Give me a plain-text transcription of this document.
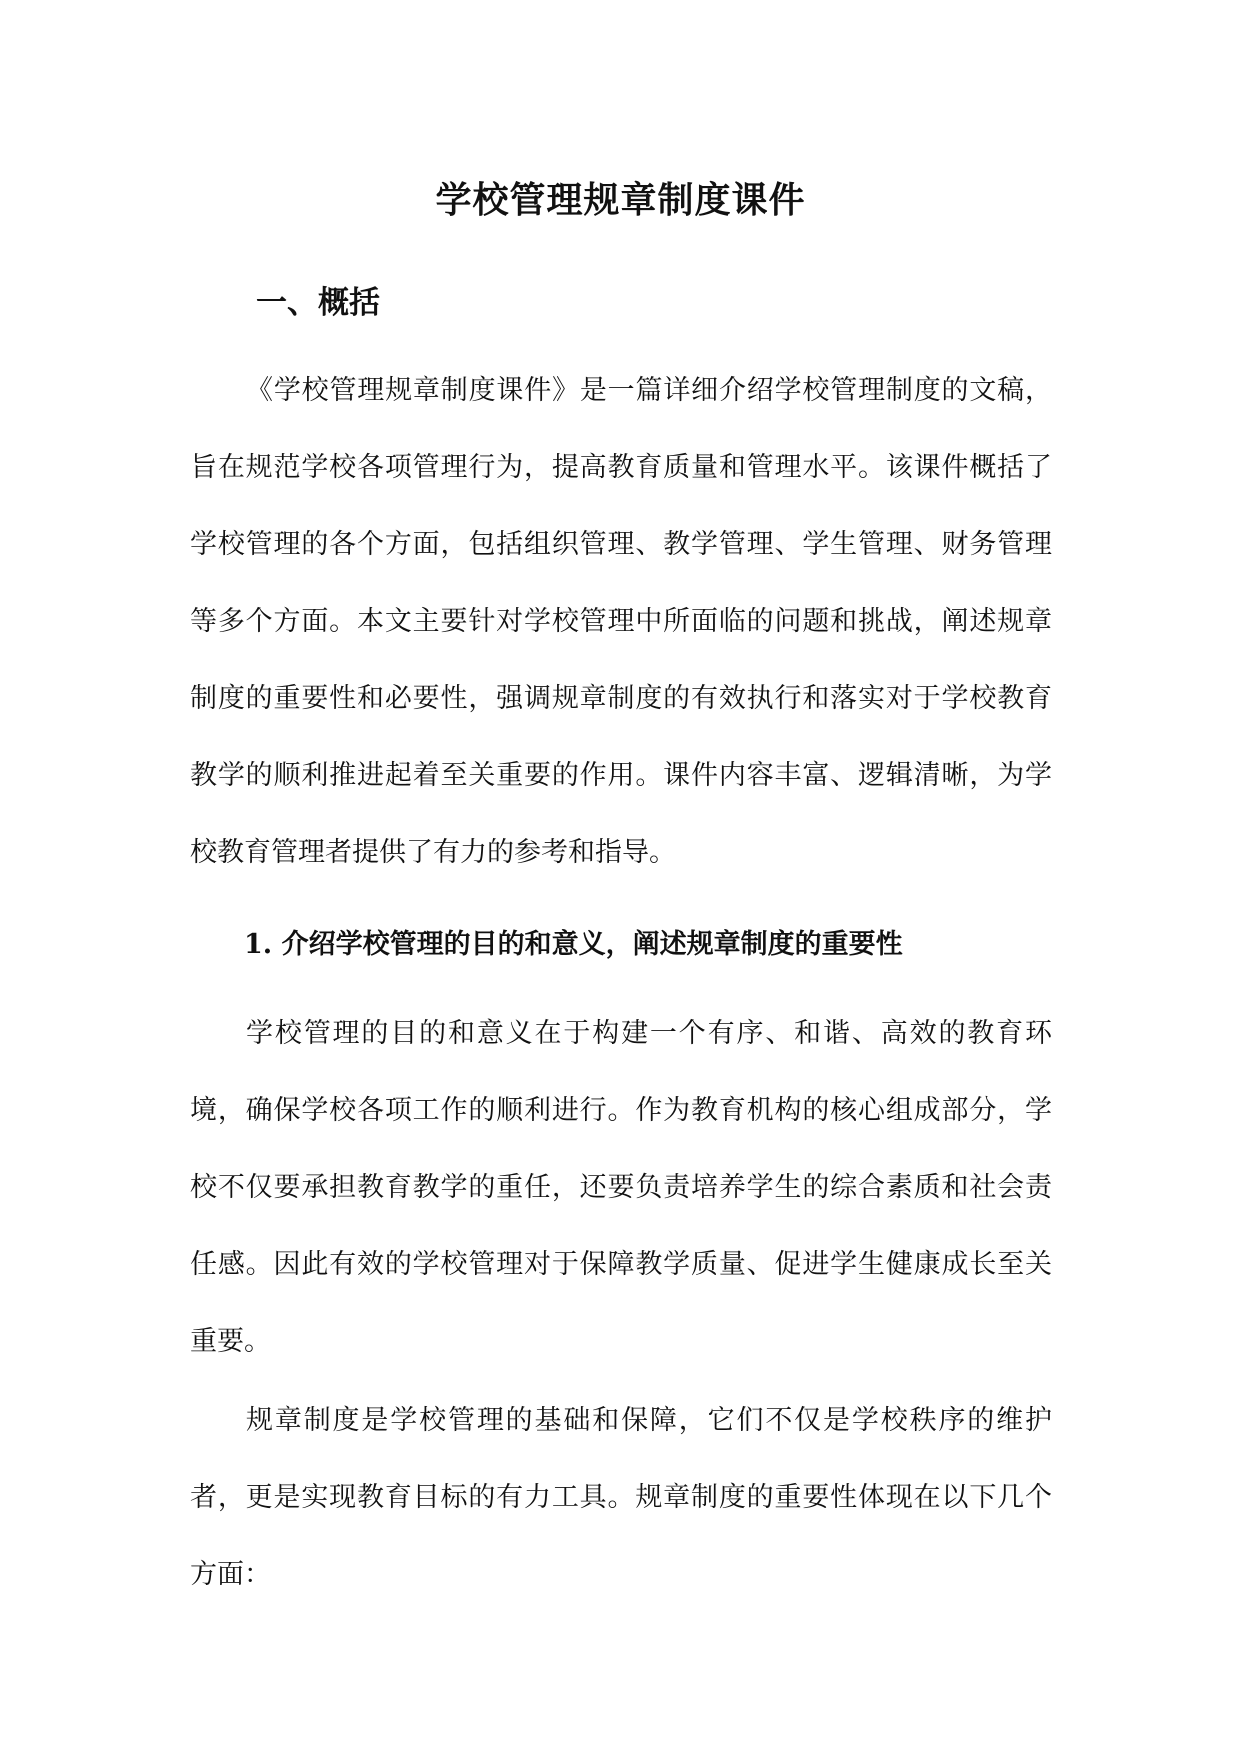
学校管理规章制度课件
一、概括

《学校管理规章制度课件》是一篇详细介绍学校管理制度的文稿，旨在规范学校各项管理行为，提高教育质量和管理水平。该课件概括了学校管理的各个方面，包括组织管理、教学管理、学生管理、财务管理等多个方面。本文主要针对学校管理中所面临的问题和挑战，阐述规章制度的重要性和必要性，强调规章制度的有效执行和落实对于学校教育教学的顺利推进起着至关重要的作用。课件内容丰富、逻辑清晰，为学校教育管理者提供了有力的参考和指导。

1. 介绍学校管理的目的和意义，阐述规章制度的重要性

学校管理的目的和意义在于构建一个有序、和谐、高效的教育环境，确保学校各项工作的顺利进行。作为教育机构的核心组成部分，学校不仅要承担教育教学的重任，还要负责培养学生的综合素质和社会责任感。因此有效的学校管理对于保障教学质量、促进学生健康成长至关重要。

规章制度是学校管理的基础和保障，它们不仅是学校秩序的维护者，更是实现教育目标的有力工具。规章制度的重要性体现在以下几个方面：
